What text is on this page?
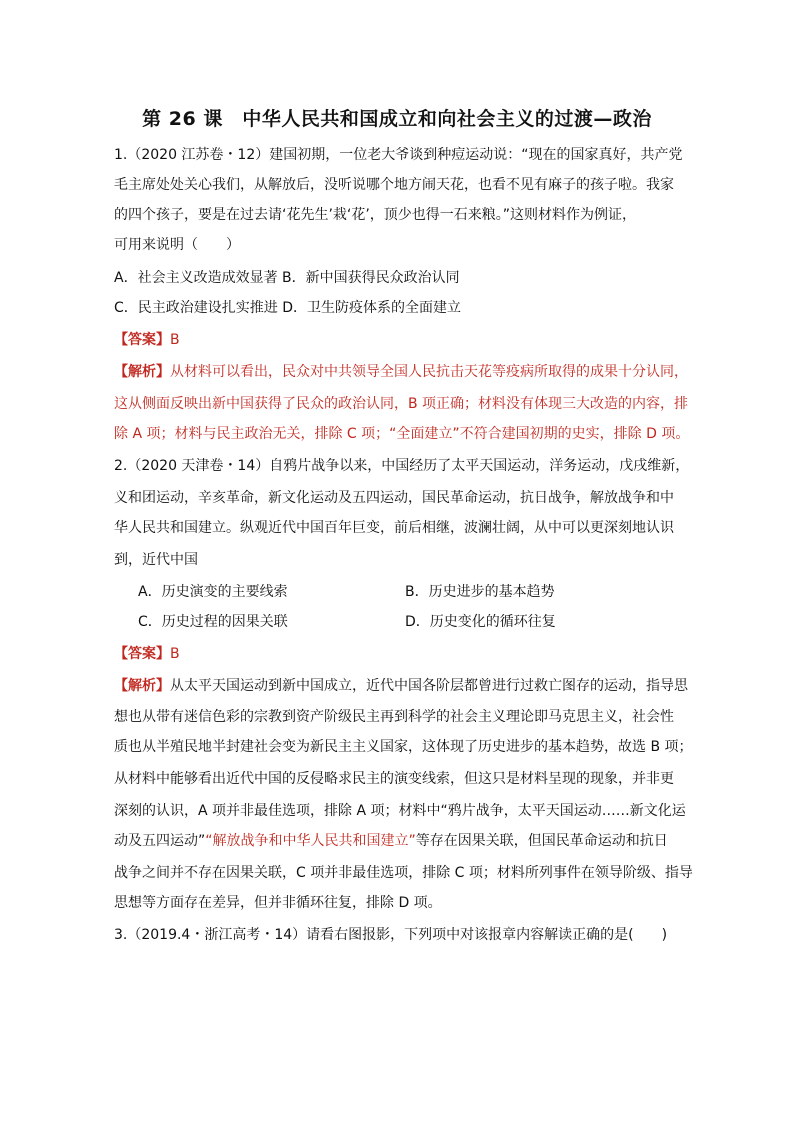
第 26 课　中华人民共和国成立和向社会主义的过渡—政治
1.（2020 江苏卷・12）建国初期，一位老大爷谈到种痘运动说：“现在的国家真好，共产党
毛主席处处关心我们，从解放后，没听说哪个地方闹天花，也看不见有麻子的孩子啦。我家
的四个孩子，要是在过去请‘花先生’栽‘花’，顶少也得一石来粮。”这则材料作为例证，
可用来说明（　　）
A．社会主义改造成效显著 B．新中国获得民众政治认同
C．民主政治建设扎实推进 D．卫生防疫体系的全面建立
【答案】B
【解析】从材料可以看出，民众对中共领导全国人民抗击天花等疫病所取得的成果十分认同，
这从侧面反映出新中国获得了民众的政治认同，B 项正确；材料没有体现三大改造的内容，排
除 A 项；材料与民主政治无关，排除 C 项；“全面建立”不符合建国初期的史实，排除 D 项。
2.（2020 天津卷・14）自鸦片战争以来，中国经历了太平天国运动，洋务运动，戊戌维新，
义和团运动，辛亥革命，新文化运动及五四运动，国民革命运动，抗日战争，解放战争和中
华人民共和国建立。纵观近代中国百年巨变，前后相继，波澜壮阔，从中可以更深刻地认识
到，近代中国
A．历史演变的主要线索	B．历史进步的基本趋势
C．历史过程的因果关联	D．历史变化的循环往复
【答案】B
【解析】从太平天国运动到新中国成立，近代中国各阶层都曾进行过救亡图存的运动，指导思
想也从带有迷信色彩的宗教到资产阶级民主再到科学的社会主义理论即马克思主义，社会性
质也从半殖民地半封建社会变为新民主主义国家，这体现了历史进步的基本趋势，故选 B 项；
从材料中能够看出近代中国的反侵略求民主的演变线索，但这只是材料呈现的现象，并非更
深刻的认识，A 项并非最佳选项，排除 A 项；材料中“鸦片战争，太平天国运动……新文化运
动及五四运动”“解放战争和中华人民共和国建立”等存在因果关联，但国民革命运动和抗日
战争之间并不存在因果关联，C 项并非最佳选项，排除 C 项；材料所列事件在领导阶级、指导
思想等方面存在差异，但并非循环往复，排除 D 项。
3.（2019.4・浙江高考・14）请看右图报影，下列项中对该报章内容解读正确的是(　　)
